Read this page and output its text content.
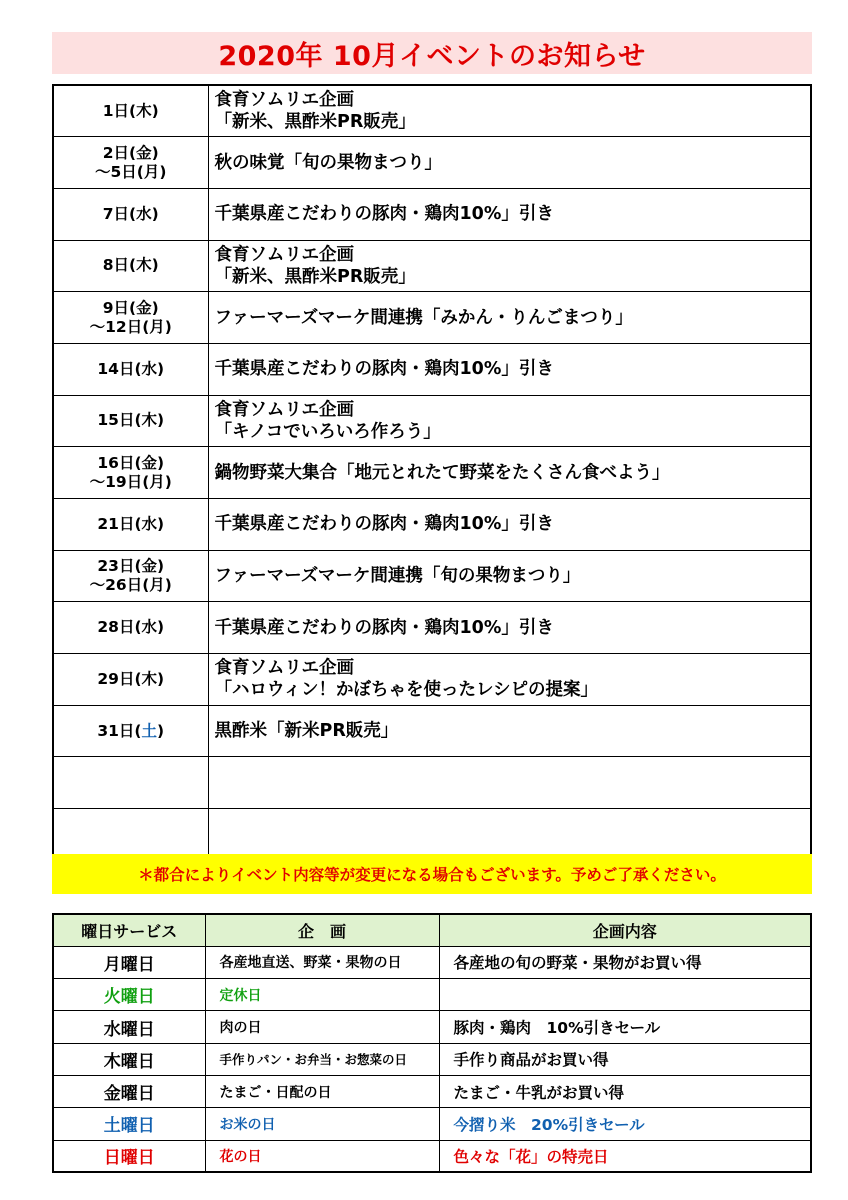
2020年 10月イベントのお知らせ
1日(木)	食育ソムリエ企画
「新米、黒酢米PR販売」

2日(金)
～5日(月)	秋の味覚「旬の果物まつり」

7日(水)	千葉県産こだわりの豚肉・鶏肉10%」引き

8日(木)	食育ソムリエ企画
「新米、黒酢米PR販売」

9日(金)
～12日(月)	ファーマーズマーケ間連携「みかん・りんごまつり」

14日(水)	千葉県産こだわりの豚肉・鶏肉10%」引き

15日(木)	食育ソムリエ企画
「キノコでいろいろ作ろう」

16日(金)
～19日(月)	鍋物野菜大集合「地元とれたて野菜をたくさん食べよう」

21日(水)	千葉県産こだわりの豚肉・鶏肉10%」引き

23日(金)
～26日(月)	ファーマーズマーケ間連携「旬の果物まつり」

28日(水)	千葉県産こだわりの豚肉・鶏肉10%」引き

29日(木)	食育ソムリエ企画
「ハロウィン！かぼちゃを使ったレシピの提案」

31日(土)	黒酢米「新米PR販売」

＊都合によりイベント内容等が変更になる場合もございます。予めご了承ください。
曜日サービス	企　画	企画内容
月曜日	各産地直送、野菜・果物の日	各産地の旬の野菜・果物がお買い得
火曜日	定休日	
水曜日	肉の日	豚肉・鶏肉　10%引きセール
木曜日	手作りパン・お弁当・お惣菜の日	手作り商品がお買い得
金曜日	たまご・日配の日	たまご・牛乳がお買い得
土曜日	お米の日	今摺り米　20%引きセール
日曜日	花の日	色々な「花」の特売日
